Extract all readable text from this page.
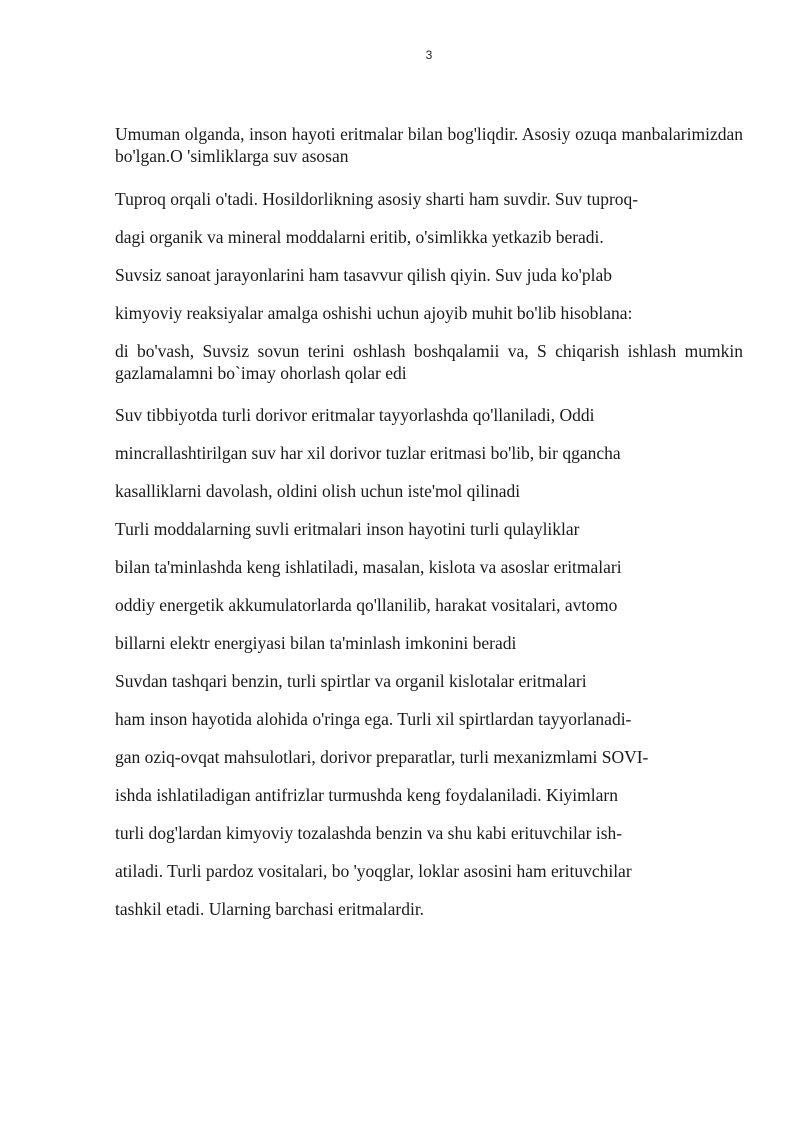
3

Umuman olganda, inson hayoti eritmalar bilan bog'liqdir. Asosiy ozuqa manbalarimizdan bo'lgan.O 'simliklarga suv asosan

Tuproq orqali o'tadi. Hosildorlikning asosiy sharti ham suvdir. Suv tuproq-

dagi organik va mineral moddalarni eritib, o'simlikka yetkazib beradi.

Suvsiz sanoat jarayonlarini ham tasavvur qilish qiyin. Suv juda ko'plab

kimyoviy reaksiyalar amalga oshishi uchun ajoyib muhit bo'lib hisoblana:

di bo'vash, Suvsiz sovun terini oshlash boshqalamii va, S chiqarish ishlash mumkin gazlamalamni bo`imay ohorlash qolar edi

Suv tibbiyotda turli dorivor eritmalar tayyorlashda qo'llaniladi, Oddi

mincrallashtirilgan suv har xil dorivor tuzlar eritmasi bo'lib, bir qgancha

kasalliklarni davolash, oldini olish uchun iste'mol qilinadi

Turli moddalarning suvli eritmalari inson hayotini turli qulayliklar

bilan ta'minlashda keng ishlatiladi, masalan, kislota va asoslar eritmalari

oddiy energetik akkumulatorlarda qo'llanilib, harakat vositalari, avtomo

billarni elektr energiyasi bilan ta'minlash imkonini beradi

Suvdan tashqari benzin, turli spirtlar va organil kislotalar eritmalari

ham inson hayotida alohida o'ringa ega. Turli xil spirtlardan tayyorlanadi-

gan oziq-ovqat mahsulotlari, dorivor preparatlar, turli mexanizmlami SOVI-

ishda ishlatiladigan antifrizlar turmushda keng foydalaniladi. Kiyimlarn

turli dog'lardan kimyoviy tozalashda benzin va shu kabi erituvchilar ish-

atiladi. Turli pardoz vositalari, bo 'yoqglar, loklar asosini ham erituvchilar

tashkil etadi. Ularning barchasi eritmalardir.
